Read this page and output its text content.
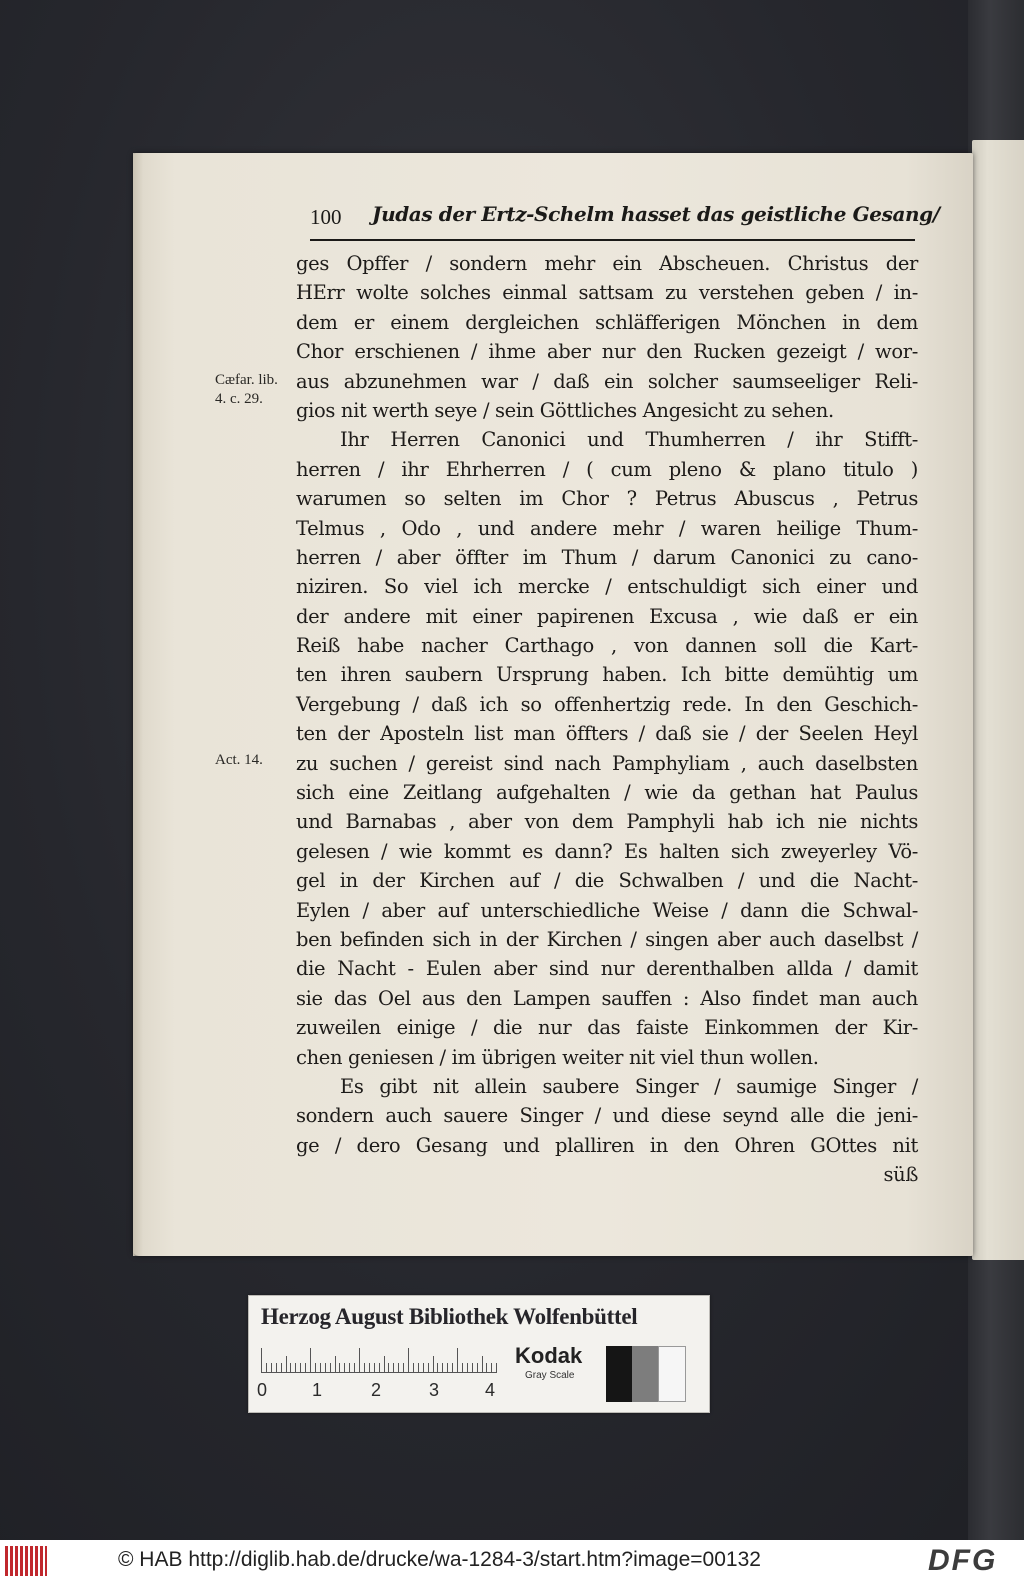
100 Judas der Ertz-Schelm hasset das geistliche Gesang/
Cæfar. lib.
4. c. 29.
Act. 14.
ges Opffer / sondern mehr ein Abscheuen. Christus der
HErr wolte solches einmal sattsam zu verstehen geben / in-
dem er einem dergleichen schläfferigen Mönchen in dem
Chor erschienen / ihme aber nur den Rucken gezeigt / wor-
aus abzunehmen war / daß ein solcher saumseeliger Reli-
gios nit werth seye / sein Göttliches Angesicht zu sehen.
Ihr Herren Canonici und Thumherren / ihr Stifft-
herren / ihr Ehrherren / ( cum pleno & plano titulo )
warumen so selten im Chor ? Petrus Abuscus , Petrus
Telmus , Odo , und andere mehr / waren heilige Thum-
herren / aber öffter im Thum / darum Canonici zu cano-
niziren. So viel ich mercke / entschuldigt sich einer und
der andere mit einer papirenen Excusa , wie daß er ein
Reiß habe nacher Carthago , von dannen soll die Kart-
ten ihren saubern Ursprung haben. Ich bitte demühtig um
Vergebung / daß ich so offenhertzig rede. In den Geschich-
ten der Aposteln list man öffters / daß sie / der Seelen Heyl
zu suchen / gereist sind nach Pamphyliam , auch daselbsten
sich eine Zeitlang aufgehalten / wie da gethan hat Paulus
und Barnabas , aber von dem Pamphyli hab ich nie nichts
gelesen / wie kommt es dann? Es halten sich zweyerley Vö-
gel in der Kirchen auf / die Schwalben / und die Nacht-
Eylen / aber auf unterschiedliche Weise / dann die Schwal-
ben befinden sich in der Kirchen / singen aber auch daselbst /
die Nacht - Eulen aber sind nur derenthalben allda / damit
sie das Oel aus den Lampen sauffen : Also findet man auch
zuweilen einige / die nur das faiste Einkommen der Kir-
chen geniesen / im übrigen weiter nit viel thun wollen.
Es gibt nit allein saubere Singer / saumige Singer /
sondern auch sauere Singer / und diese seynd alle die jeni-
ge / dero Gesang und plalliren in den Ohren GOttes nit
süß
Herzog August Bibliothek Wolfenbüttel
0 1	2	3	4
Kodak
Gray Scale
© HAB http://diglib.hab.de/drucke/wa-1284-3/start.htm?image=00132	DFG
